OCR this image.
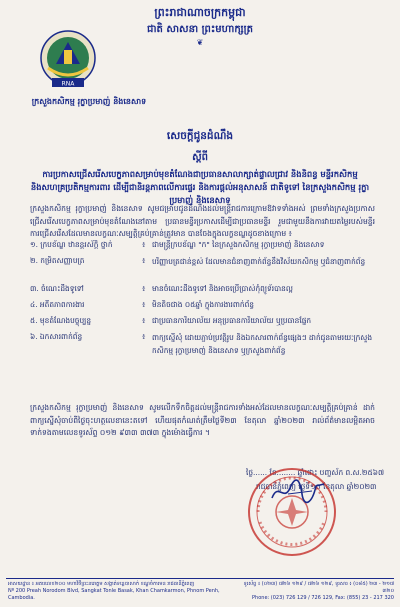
ព្រះរាជាណាចក្រកម្ពុជា
ជាតិ សាសនា ព្រះមហាក្សត្រ
❦
RNA
ក្រសួងកសិកម្ម រុក្ខាប្រមាញ់ និងនេសាទ
សេចក្តីជូនដំណឹង
ស្តីពី
ការប្រកាសជ្រើសរើសបេក្ខភាពសម្រាប់មុខតំណែងជាប្រធានសាលាក្សាត់ផ្ទាលជ្រាវ និងនិពន្ធ មន្ទីរកសិកម្ម និងសហគ្រប្រតិកម្មការពារ ដើម្បីជានិរន្តភាពលើការផ្ទេរ និងការផ្តល់អនុសាសន៍ ជាតិទូទៅ នៃក្រសួងកសិកម្ម រុក្ខាប្រមាញ់ និងនេសាទ
ក្រសួងកសិកម្ម រុក្ខាប្រមាញ់ និងនេសាទ សូមជម្រាបជូនដំណឹងដល់មន្ត្រីរាជការក្រោមឱវាទទាំងអស់ ព្រមទាំងក្រសួងប្រកាសជ្រើសរើសបេក្ខភាពសម្រាប់មុខតំណែងនៅតាម ប្រធានមន្ទីរប្រកាសដើម្បីជាប្រធានមន្ទីរ រួមជាមួយនឹងការវាយតម្លៃរបស់មន្ទីរ ការជ្រើសរើសដែលមានលក្ខណៈសម្បត្តិគ្រប់គ្រាន់ត្រូវមាន បានចែងក្នុងលក្ខខណ្ឌដូចខាងក្រោម ៖
១. ក្របខ័ណ្ឌ ឋានន្តរស័ក្តិ ថ្នាក់	៖ ជាមន្ត្រីក្របខ័ណ្ឌ "ក" នៃក្រសួងកសិកម្ម រុក្ខាប្រមាញ់ និងនេសាទ
២. កម្រិតសញ្ញាបត្រ	៖ បរិញ្ញាបត្រជាន់ខ្ពស់ ដែលមានជំនាញពាក់ព័ន្ធនឹងវិស័យកសិកម្ម ឬជំនាញពាក់ព័ន្ធ
៣. ចំណេះដឹងទូទៅ	៖ មានចំណេះដឹងទូទៅ និងអាចប្រើប្រាស់កុំព្យូទ័របានល្អ
៤. អតីតភាពការងារ	៖ មិនតិចជាង ០៥ឆ្នាំ ក្នុងការងារពាក់ព័ន្ធ
៥. មុខតំណែងបច្ចុប្បន្ន	៖ ជាប្រធានការិយាល័យ អនុប្រធានការិយាល័យ ឬប្រធានផ្នែក
៦. ឯកសារពាក់ព័ន្ធ	៖ ពាក្យស្នើសុំ ដោយភ្ជាប់ប្រវត្តិរូប និងឯកសារពាក់ព័ន្ធផ្សេងៗ ដាក់ជូនតាមរយៈក្រសួងកសិកម្ម រុក្ខាប្រមាញ់ និងនេសាទ ឬក្រសួងពាក់ព័ន្ធ
ក្រសួងកសិកម្ម រុក្ខាប្រមាញ់ និងនេសាទ សូមលើកទឹកចិត្តដល់មន្ត្រីរាជការទាំងអស់ដែលមានលក្ខណៈសម្បត្តិគ្រប់គ្រាន់ ដាក់ពាក្យស្នើសុំចាប់ពីថ្ងៃចុះហត្ថលេខានេះតទៅ ហើយផុតកំណត់ត្រឹមថ្ងៃទី២៣ ខែតុលា ឆ្នាំ២០២៣ រាល់ព័ត៌មានលម្អិតអាចទាក់ទងតាមលេខទូរស័ព្ទ ០១២ ៩៣៣ ៣៧៣ ក្នុងម៉ោងធ្វើការ ។
ថ្ងៃ...... ខែ........ ឆ្នាំថោះ បញ្ចស័ក ព.ស.២៥៦៧
រាជធានីភ្នំពេញ ថ្ងៃទី១០ ខែតុលា ឆ្នាំ២០២៣
អាសយដ្ឋាន ៖ អគារលេខ២០០ មហាវិថីព្រះនរោត្តម សង្កាត់ទន្លេបាសាក់ ខណ្ឌចំការមន រាជធានីភ្នំពេញ
Nº 200 Preah Norodom Blvd, Sangkat Tonle Basak, Khan Chamkarmon, Phnom Penh, Cambodia.
ទូរស័ព្ទ ៖ (០២៣) ៧២៦ ១២៩ / ៧២៦ ១២៩, ទូរសារ ៖ (០៨៥) ២៣ - ២១៧ ៣២០
Phone: (023) 726 129 / 726 129, Fax: (855) 23 - 217 320
